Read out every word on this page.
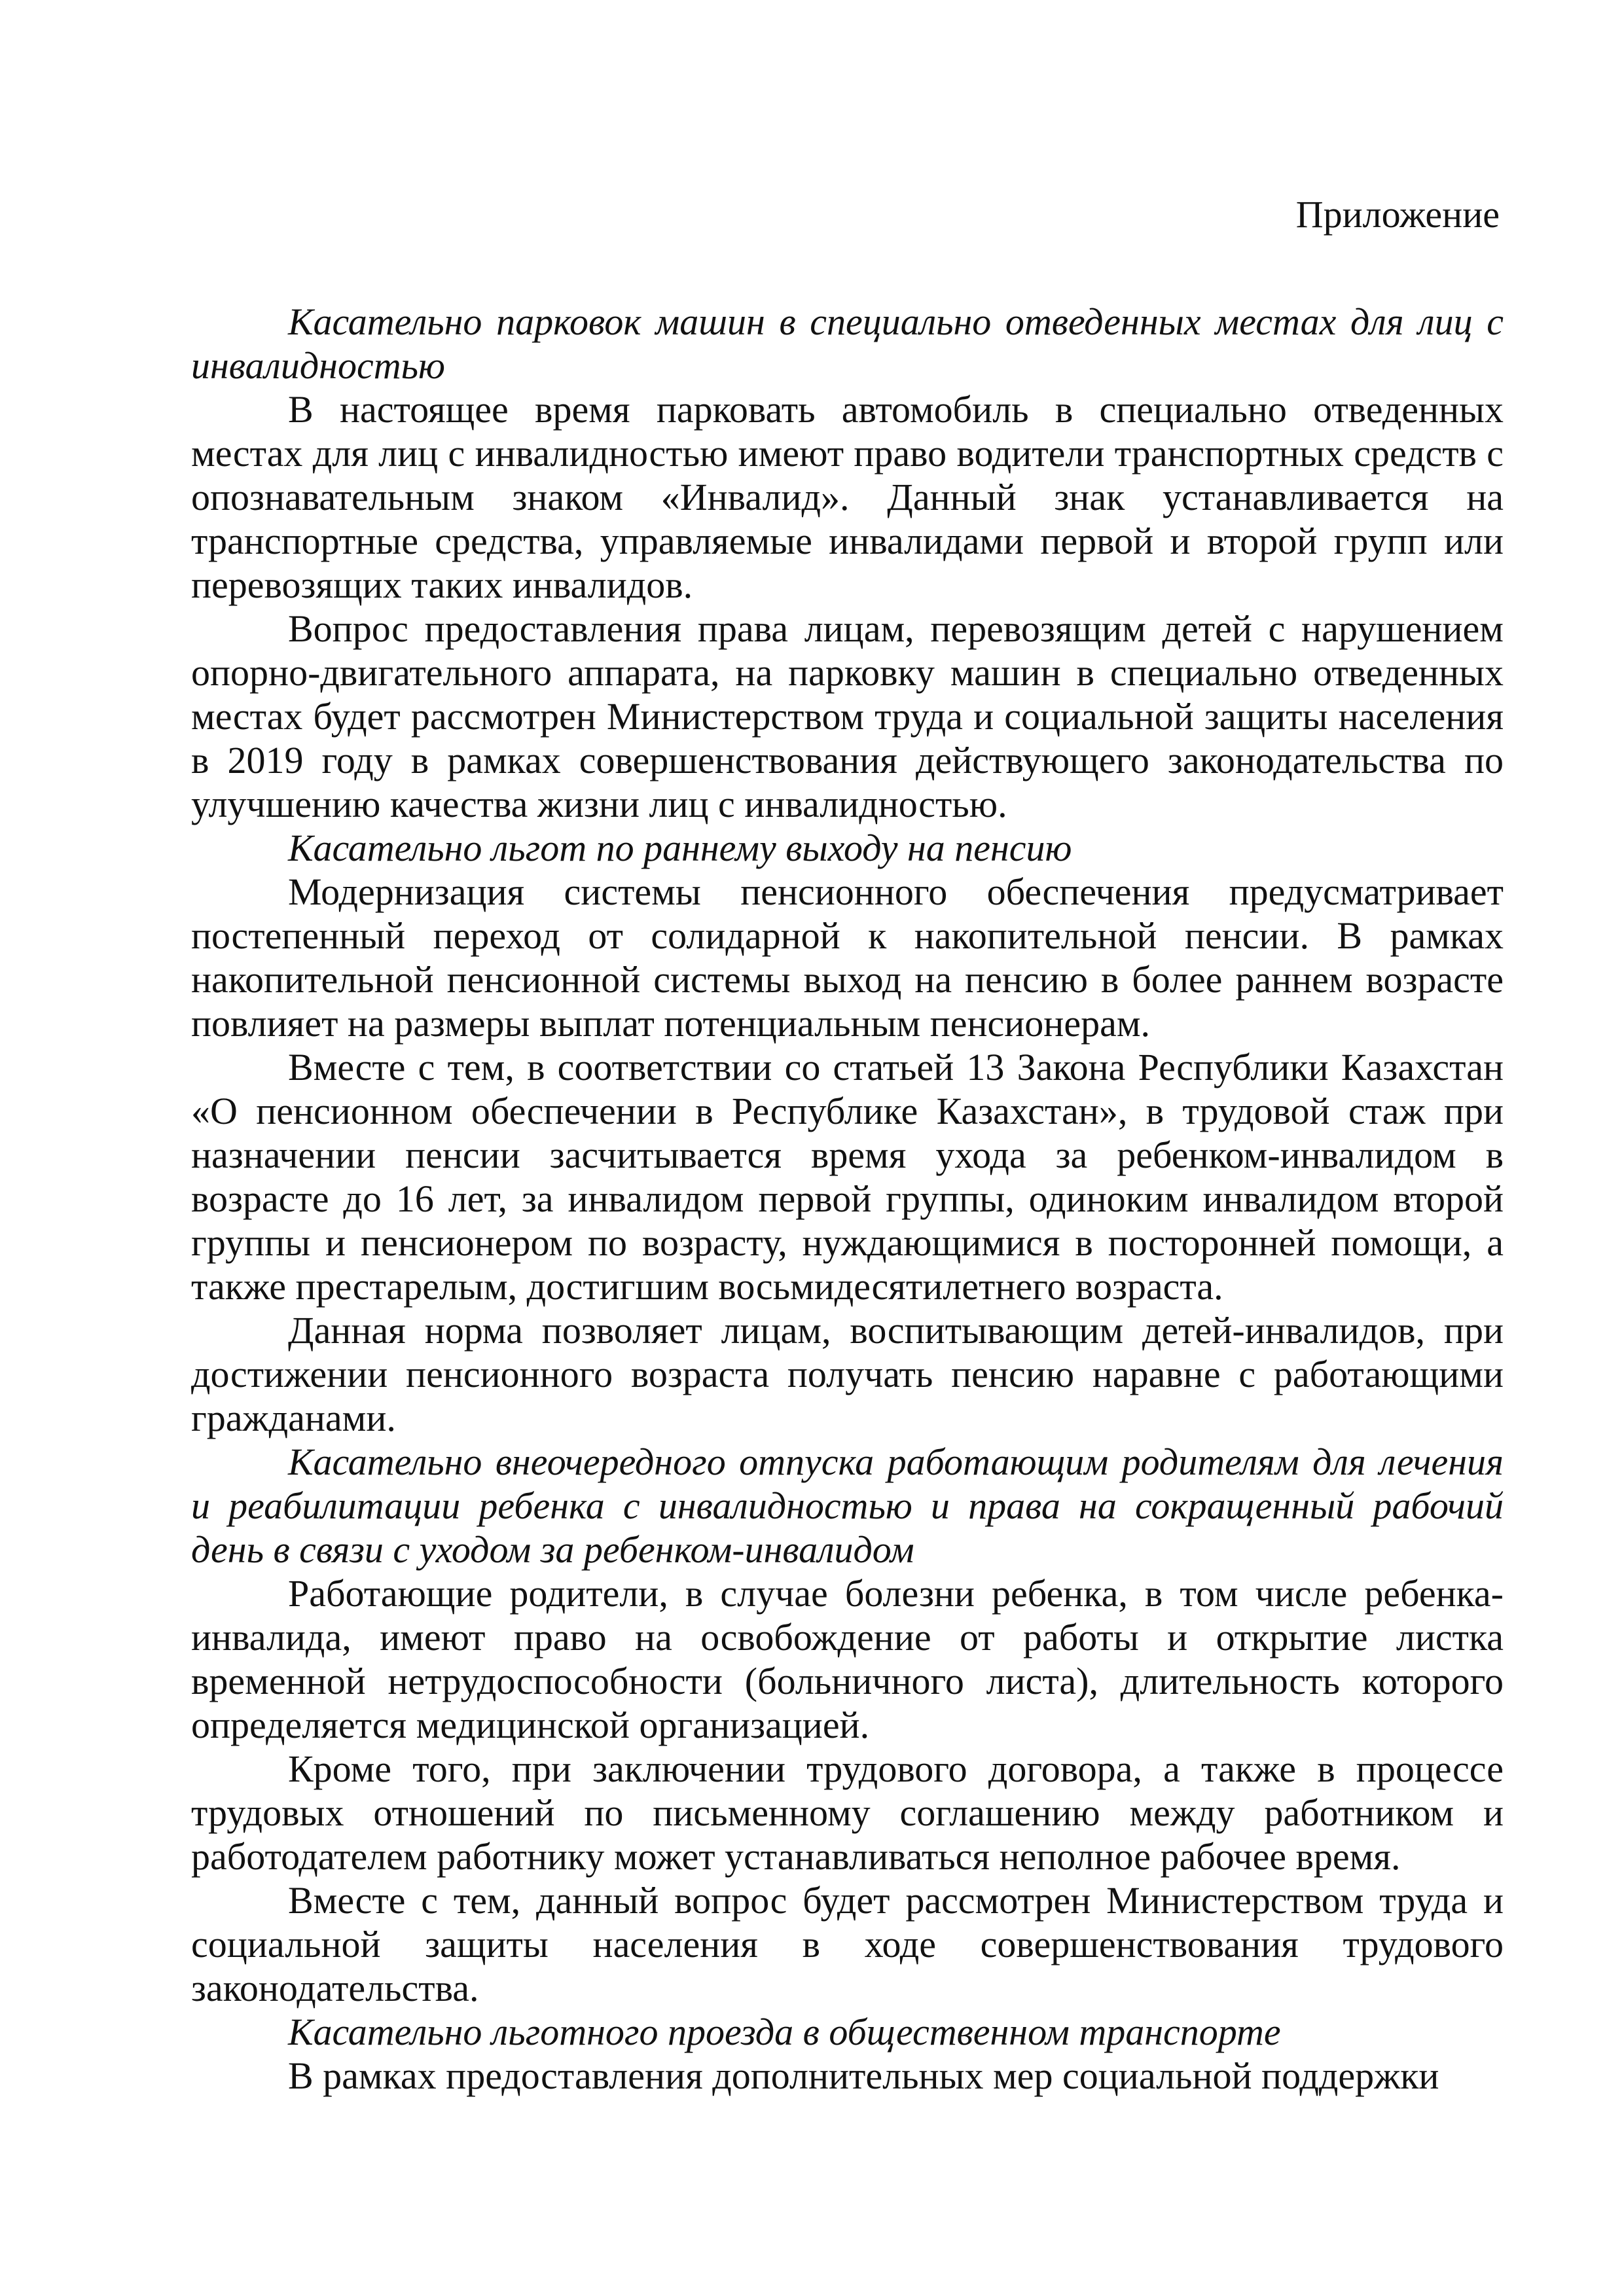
Приложение

Касательно парковок машин в специально отведенных местах для лиц с инвалидностью

В настоящее время парковать автомобиль в специально отведенных местах для лиц с инвалидностью имеют право водители транспортных средств с опознавательным знаком «Инвалид». Данный знак устанавливается на транспортные средства, управляемые инвалидами первой и второй групп или перевозящих таких инвалидов.

Вопрос предоставления права лицам, перевозящим детей с нарушением опорно-двигательного аппарата, на парковку машин в специально отведенных местах будет рассмотрен Министерством труда и социальной защиты населения в 2019 году в рамках совершенствования действующего законодательства по улучшению качества жизни лиц с инвалидностью.

Касательно льгот по раннему выходу на пенсию

Модернизация системы пенсионного обеспечения предусматривает постепенный переход от солидарной к накопительной пенсии. В рамках накопительной пенсионной системы выход на пенсию в более раннем возрасте повлияет на размеры выплат потенциальным пенсионерам.

Вместе с тем, в соответствии со статьей 13 Закона Республики Казахстан «О пенсионном обеспечении в Республике Казахстан», в трудовой стаж при назначении пенсии засчитывается время ухода за ребенком-инвалидом в возрасте до 16 лет, за инвалидом первой группы, одиноким инвалидом второй группы и пенсионером по возрасту, нуждающимися в посторонней помощи, а также престарелым, достигшим восьмидесятилетнего возраста.

Данная норма позволяет лицам, воспитывающим детей-инвалидов, при достижении пенсионного возраста получать пенсию наравне с работающими гражданами.

Касательно внеочередного отпуска работающим родителям для лечения и реабилитации ребенка с инвалидностью и права на сокращенный рабочий день в связи с уходом за ребенком-инвалидом

Работающие родители, в случае болезни ребенка, в том числе ребенка-инвалида, имеют право на освобождение от работы и открытие листка временной нетрудоспособности (больничного листа), длительность которого определяется медицинской организацией.

Кроме того, при заключении трудового договора, а также в процессе трудовых отношений по письменному соглашению между работником и работодателем работнику может устанавливаться неполное рабочее время.

Вместе с тем, данный вопрос будет рассмотрен Министерством труда и социальной защиты населения в ходе совершенствования трудового законодательства.

Касательно льготного проезда в общественном транспорте

В рамках предоставления дополнительных мер социальной поддержки
